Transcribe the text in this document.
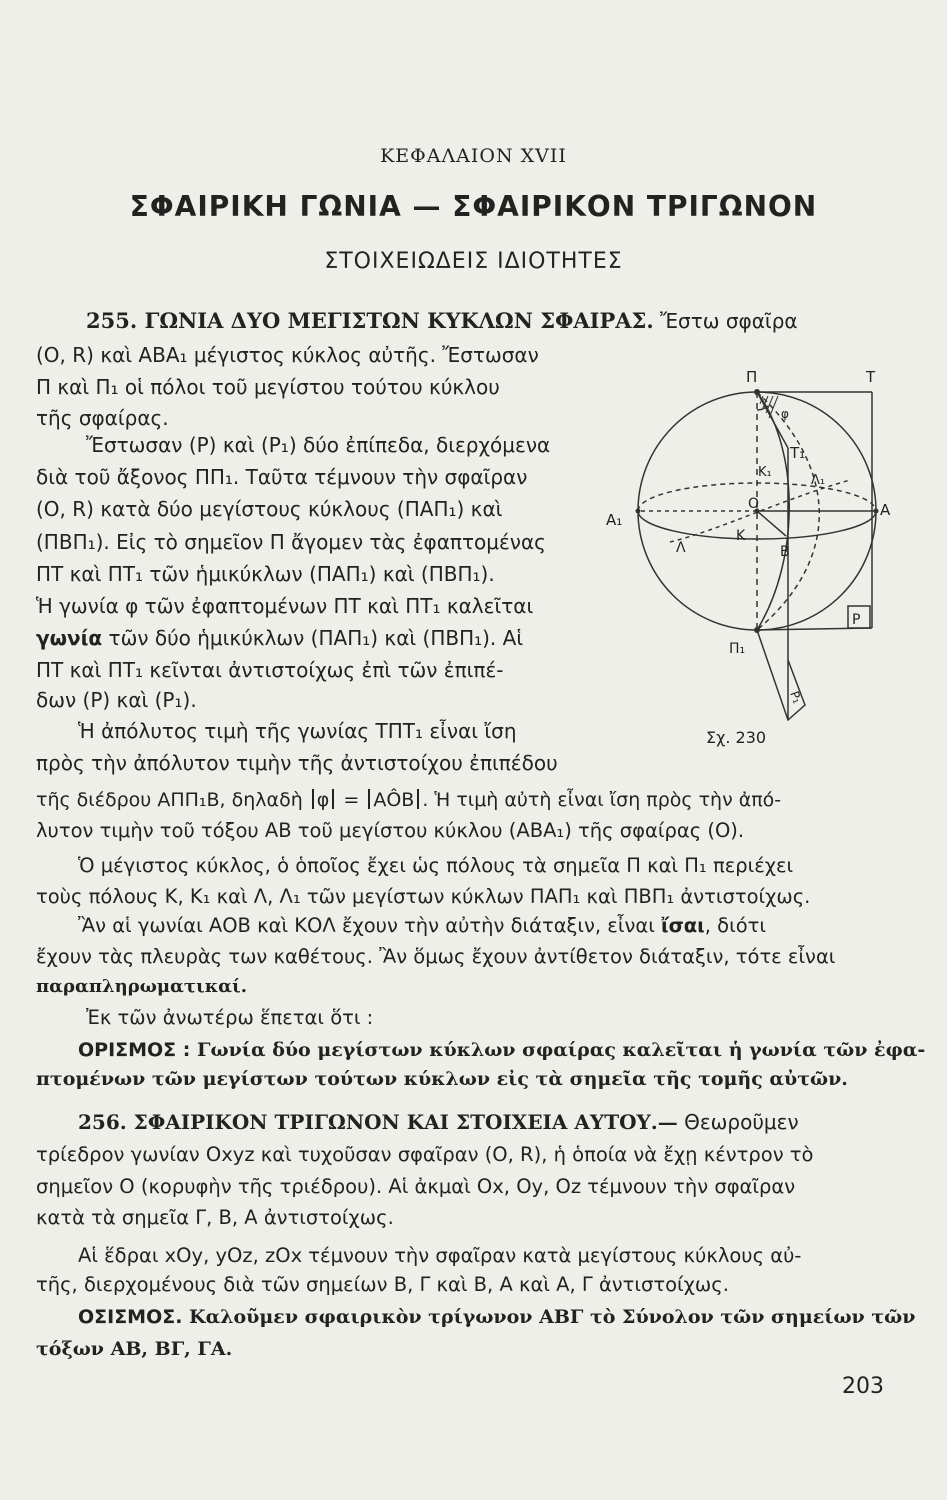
ΚΕΦΑΛΑΙΟΝ XVII
ΣΦΑΙΡΙΚΗ ΓΩΝΙΑ — ΣΦΑΙΡΙΚΟΝ ΤΡΙΓΩΝΟΝ
ΣΤΟΙΧΕΙΩΔΕΙΣ ΙΔΙΟΤΗΤΕΣ
255. ΓΩΝΙΑ ΔΥΟ ΜΕΓΙΣΤΩΝ ΚΥΚΛΩΝ ΣΦΑΙΡΑΣ. Ἔστω σφαῖρα
(O, R) καὶ ΑΒΑ₁ μέγιστος κύκλος αὐτῆς. Ἔστωσαν
Π καὶ Π₁ οἱ πόλοι τοῦ μεγίστου τούτου κύκλου
τῆς σφαίρας.
Ἔστωσαν (P) καὶ (P₁) δύο ἐπίπεδα, διερχόμενα
διὰ τοῦ ἄξονος ΠΠ₁. Ταῦτα τέμνουν τὴν σφαῖραν
(O, R) κατὰ δύο μεγίστους κύκλους (ΠΑΠ₁) καὶ
(ΠΒΠ₁). Εἰς τὸ σημεῖον Π ἄγομεν τὰς ἐφαπτομένας
ΠΤ καὶ ΠΤ₁ τῶν ἡμικύκλων (ΠΑΠ₁) καὶ (ΠΒΠ₁).
Ἡ γωνία φ τῶν ἐφαπτομένων ΠΤ καὶ ΠΤ₁ καλεῖται
γωνία τῶν δύο ἡμικύκλων (ΠΑΠ₁) καὶ (ΠΒΠ₁). Αἱ
ΠΤ καὶ ΠΤ₁ κεῖνται ἀντιστοίχως ἐπὶ τῶν ἐπιπέ-
δων (P) καὶ (P₁).
Ἡ ἀπόλυτος τιμὴ τῆς γωνίας ΤΠΤ₁ εἶναι ἴση
πρὸς τὴν ἀπόλυτον τιμὴν τῆς ἀντιστοίχου ἐπιπέδου
τῆς διέδρου ΑΠΠ₁Β, δηλαδὴ φ = ΑÔΒ . Ἡ τιμὴ αὐτὴ εἶναι ἴση πρὸς τὴν ἀπό-
λυτον τιμὴν τοῦ τόξου ΑΒ τοῦ μεγίστου κύκλου (ΑΒΑ₁) τῆς σφαίρας (O).
Ὁ μέγιστος κύκλος, ὁ ὁποῖος ἔχει ὡς πόλους τὰ σημεῖα Π καὶ Π₁ περιέχει
τοὺς πόλους Κ, Κ₁ καὶ Λ, Λ₁ τῶν μεγίστων κύκλων ΠΑΠ₁ καὶ ΠΒΠ₁ ἀντιστοίχως.
Ἂν αἱ γωνίαι ΑΟΒ καὶ ΚΟΛ ἔχουν τὴν αὐτὴν διάταξιν, εἶναι ἴσαι, διότι
ἔχουν τὰς πλευρὰς των καθέτους. Ἂν ὅμως ἔχουν ἀντίθετον διάταξιν, τότε εἶναι
παραπληρωματικαί.
Ἐκ τῶν ἀνωτέρω ἕπεται ὅτι :
ΟΡΙΣΜΟΣ : Γωνία δύο μεγίστων κύκλων σφαίρας καλεῖται ἡ γωνία τῶν ἐφα-
πτομένων τῶν μεγίστων τούτων κύκλων εἰς τὰ σημεῖα τῆς τομῆς αὐτῶν.
256. ΣΦΑΙΡΙΚΟΝ ΤΡΙΓΩΝΟΝ ΚΑΙ ΣΤΟΙΧΕΙΑ ΑΥΤΟΥ.— Θεωροῦμεν
τρίεδρον γωνίαν Oxyz καὶ τυχοῦσαν σφαῖραν (O, R), ἡ ὁποία νὰ ἔχῃ κέντρον τὸ
σημεῖον O (κορυφὴν τῆς τριέδρου). Αἱ ἀκμαὶ Ox, Oy, Oz τέμνουν τὴν σφαῖραν
κατὰ τὰ σημεῖα Γ, Β, Α ἀντιστοίχως.
Αἱ ἕδραι xOy, yOz, zOx τέμνουν τὴν σφαῖραν κατὰ μεγίστους κύκλους αὐ-
τῆς, διερχομένους διὰ τῶν σημείων Β, Γ καὶ Β, Α καὶ Α, Γ ἀντιστοίχως.
ΟΣΙΣΜΟΣ. Καλοῦμεν σφαιρικὸν τρίγωνον ΑΒΓ τὸ Σύνολον τῶν σημείων τῶν
τόξων ΑΒ, ΒΓ, ΓΑ.
Π	T
T₁
φ
K₁
Λ₁
O	A
A₁
Λ
K
B
P
Π₁
P₁
Σχ. 230
203
